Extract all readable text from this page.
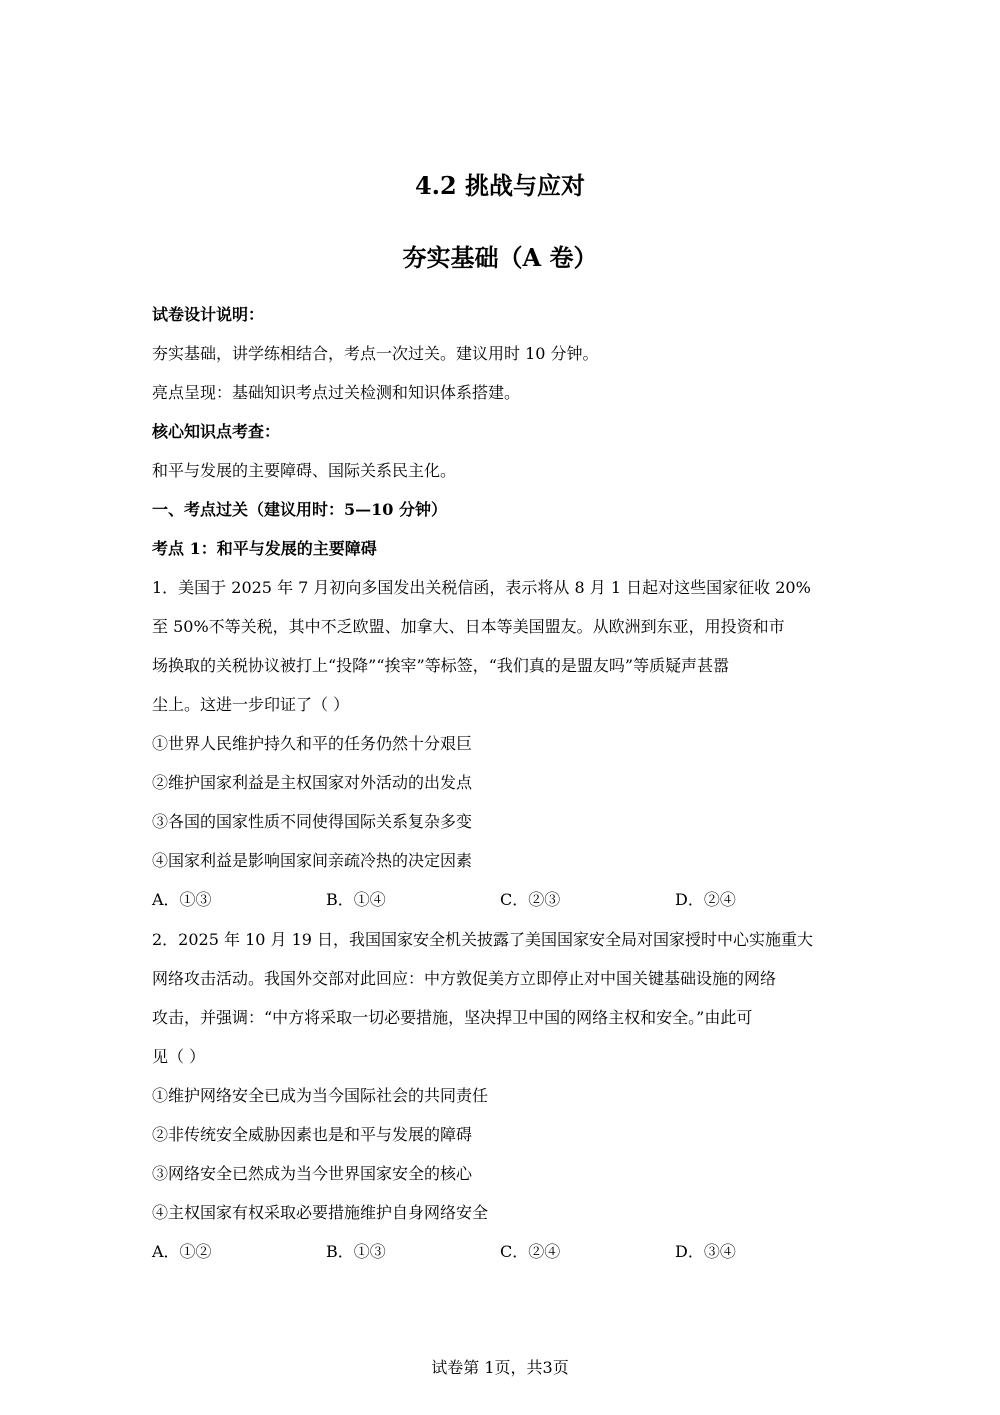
4.2 挑战与应对
夯实基础（A 卷）
试卷设计说明：
夯实基础，讲学练相结合，考点一次过关。建议用时 10 分钟。
亮点呈现：基础知识考点过关检测和知识体系搭建。
核心知识点考查：
和平与发展的主要障碍、国际关系民主化。
一、考点过关（建议用时：5—10 分钟）
考点 1：和平与发展的主要障碍
1．美国于 2025 年 7 月初向多国发出关税信函，表示将从 8 月 1 日起对这些国家征收 20%
至 50%不等关税，其中不乏欧盟、加拿大、日本等美国盟友。从欧洲到东亚，用投资和市
场换取的关税协议被打上“投降”“挨宰”等标签，“我们真的是盟友吗”等质疑声甚嚣
尘上。这进一步印证了（ ）
①世界人民维护持久和平的任务仍然十分艰巨
②维护国家利益是主权国家对外活动的出发点
③各国的国家性质不同使得国际关系复杂多变
④国家利益是影响国家间亲疏冷热的决定因素
A．①③	B．①④	C．②③	D．②④
2．2025 年 10 月 19 日，我国国家安全机关披露了美国国家安全局对国家授时中心实施重大
网络攻击活动。我国外交部对此回应：中方敦促美方立即停止对中国关键基础设施的网络
攻击，并强调：“中方将采取一切必要措施，坚决捍卫中国的网络主权和安全。”由此可
见（ ）
①维护网络安全已成为当今国际社会的共同责任
②非传统安全威胁因素也是和平与发展的障碍
③网络安全已然成为当今世界国家安全的核心
④主权国家有权采取必要措施维护自身网络安全
A．①②	B．①③	C．②④	D．③④
试卷第 1页，共3页
